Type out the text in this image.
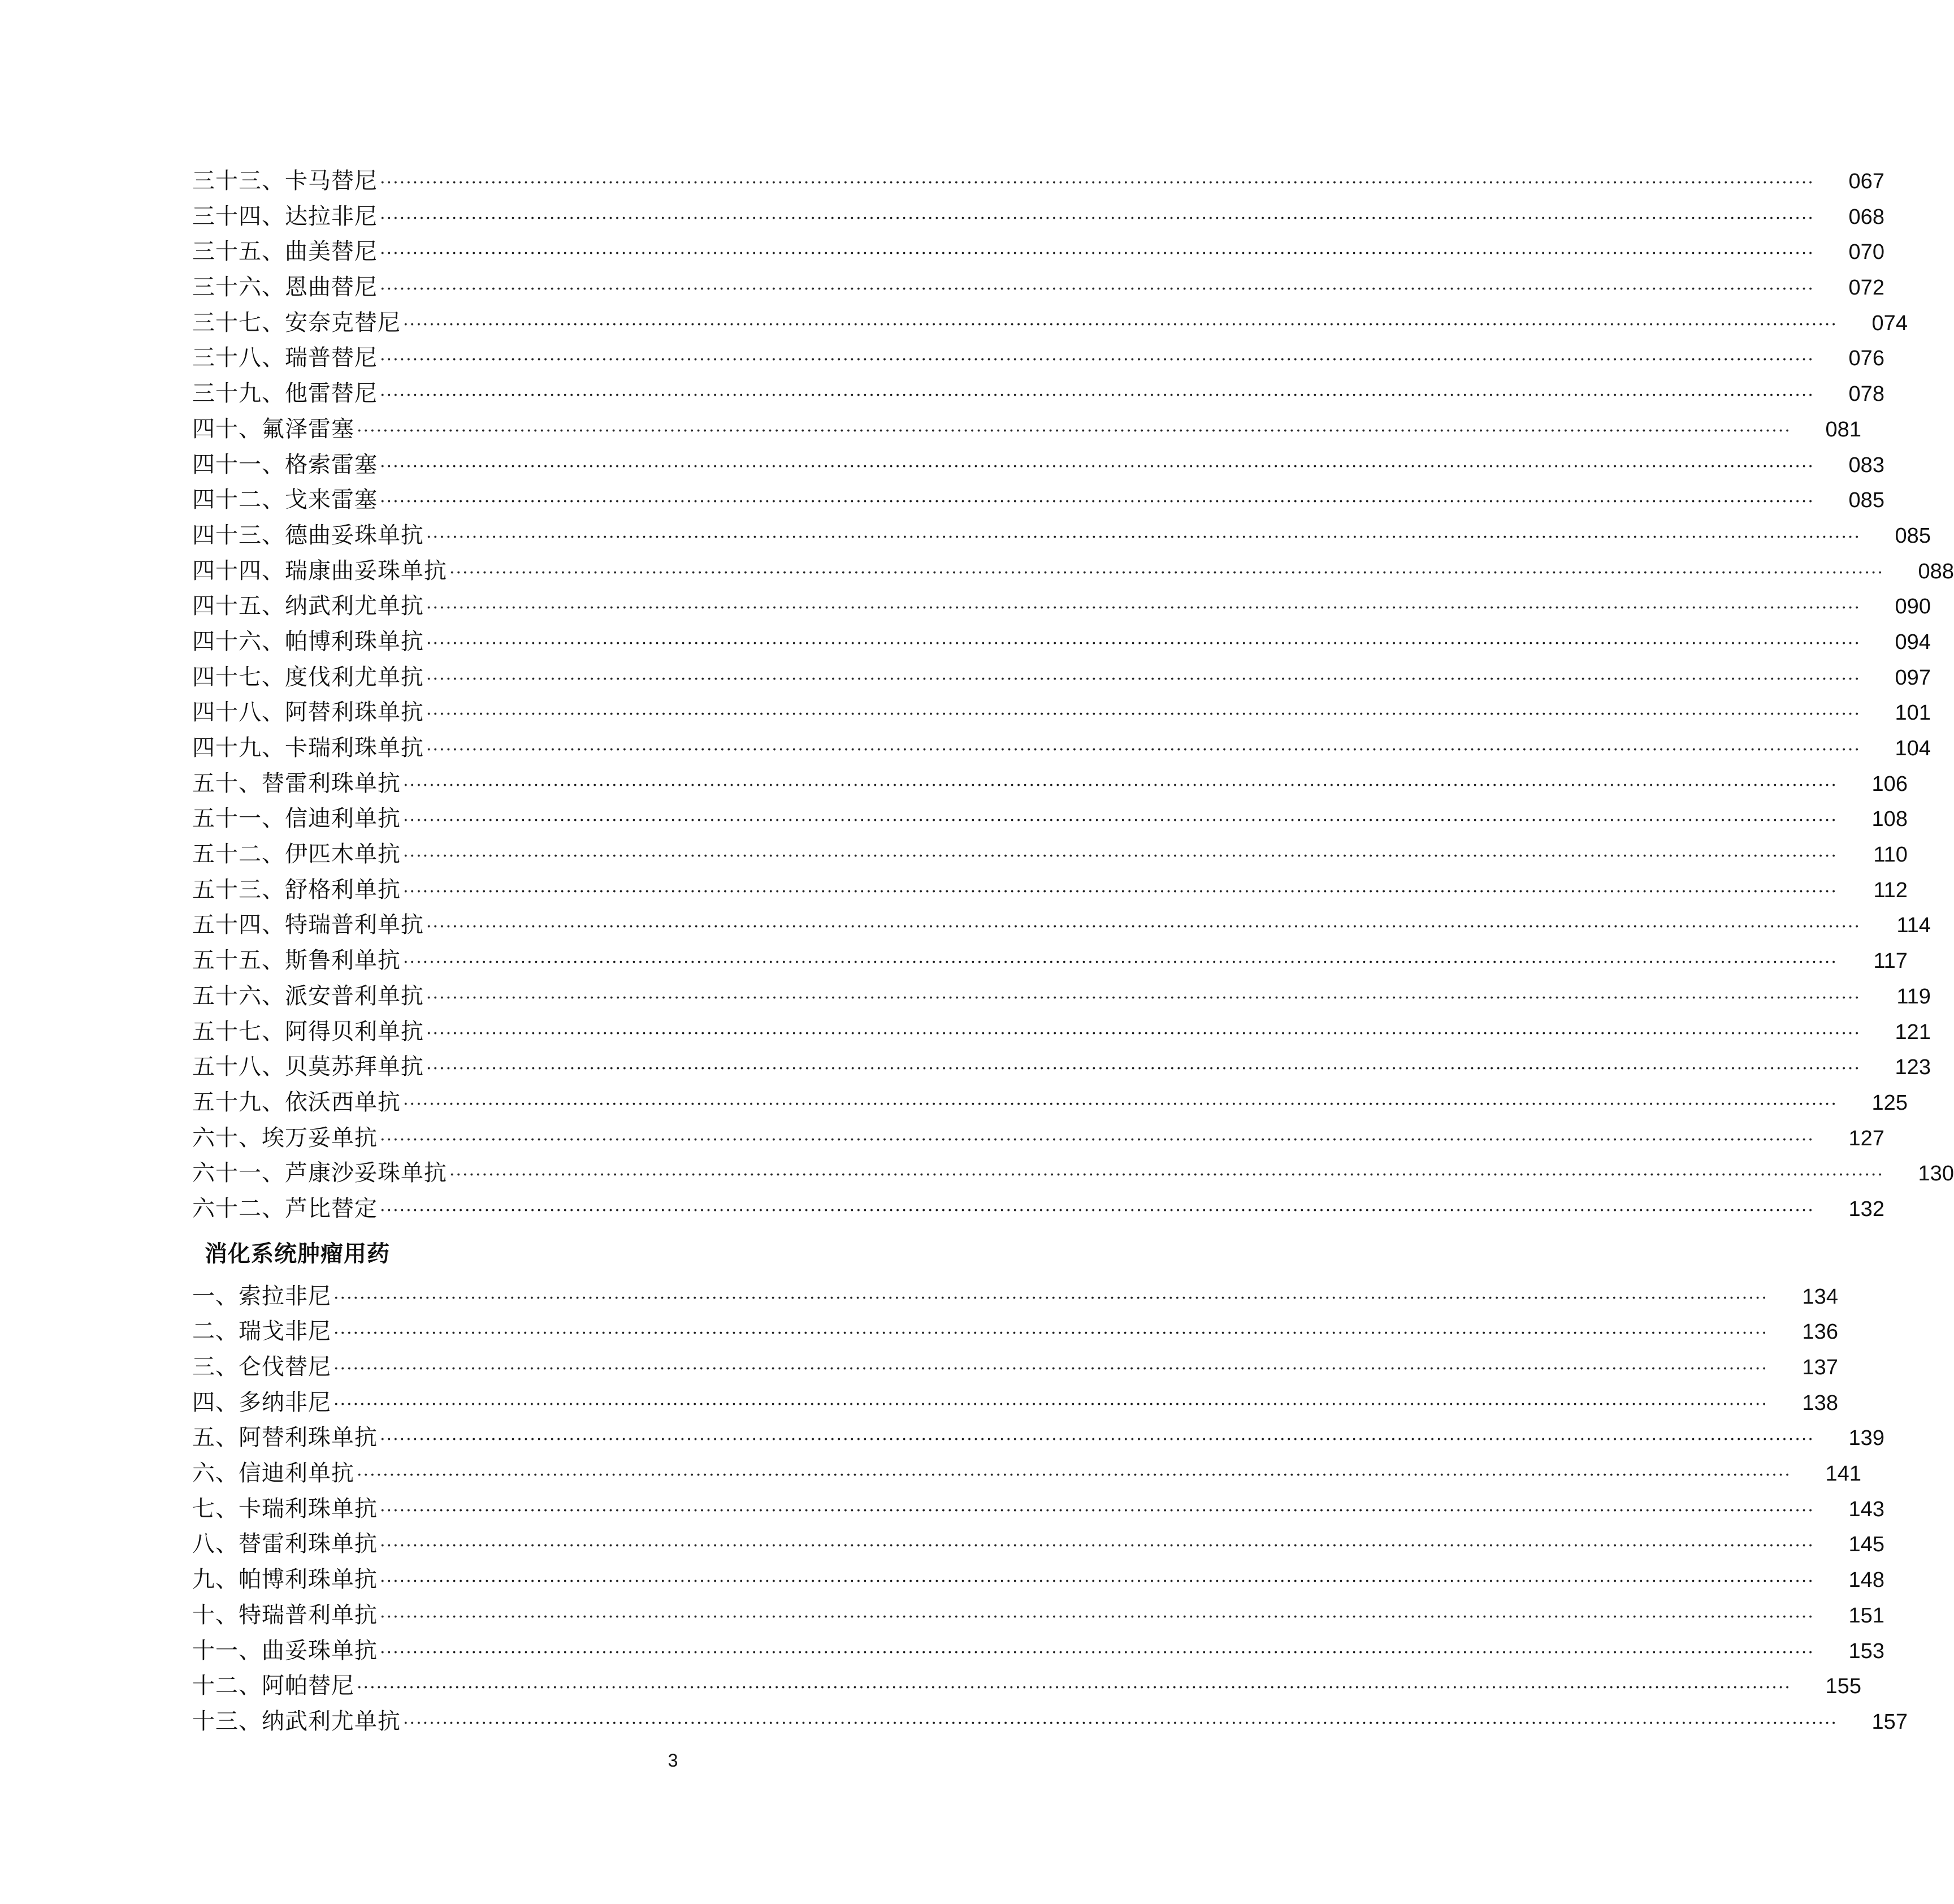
三十三、卡马替尼 ····························································································································································································································	067
三十四、达拉非尼 ····························································································································································································································	068
三十五、曲美替尼 ····························································································································································································································	070
三十六、恩曲替尼 ····························································································································································································································	072
三十七、安奈克替尼 ····························································································································································································································	074
三十八、瑞普替尼 ····························································································································································································································	076
三十九、他雷替尼 ····························································································································································································································	078
四十、氟泽雷塞 ····························································································································································································································	081
四十一、格索雷塞 ····························································································································································································································	083
四十二、戈来雷塞 ····························································································································································································································	085
四十三、德曲妥珠单抗 ····························································································································································································································	085
四十四、瑞康曲妥珠单抗 ····························································································································································································································	088
四十五、纳武利尤单抗 ····························································································································································································································	090
四十六、帕博利珠单抗 ····························································································································································································································	094
四十七、度伐利尤单抗 ····························································································································································································································	097
四十八、阿替利珠单抗 ····························································································································································································································	101
四十九、卡瑞利珠单抗 ····························································································································································································································	104
五十、替雷利珠单抗 ····························································································································································································································	106
五十一、信迪利单抗 ····························································································································································································································	108
五十二、伊匹木单抗 ····························································································································································································································	110
五十三、舒格利单抗 ····························································································································································································································	112
五十四、特瑞普利单抗 ····························································································································································································································	114
五十五、斯鲁利单抗 ····························································································································································································································	117
五十六、派安普利单抗 ····························································································································································································································	119
五十七、阿得贝利单抗 ····························································································································································································································	121
五十八、贝莫苏拜单抗 ····························································································································································································································	123
五十九、依沃西单抗 ····························································································································································································································	125
六十、埃万妥单抗 ····························································································································································································································	127
六十一、芦康沙妥珠单抗 ····························································································································································································································	130
六十二、芦比替定 ····························································································································································································································	132
消化系统肿瘤用药
一、索拉非尼 ····························································································································································································································	134
二、瑞戈非尼 ····························································································································································································································	136
三、仑伐替尼 ····························································································································································································································	137
四、多纳非尼 ····························································································································································································································	138
五、阿替利珠单抗 ····························································································································································································································	139
六、信迪利单抗 ····························································································································································································································	141
七、卡瑞利珠单抗 ····························································································································································································································	143
八、替雷利珠单抗 ····························································································································································································································	145
九、帕博利珠单抗 ····························································································································································································································	148
十、特瑞普利单抗 ····························································································································································································································	151
十一、曲妥珠单抗 ····························································································································································································································	153
十二、阿帕替尼 ····························································································································································································································	155
十三、纳武利尤单抗 ····························································································································································································································	157
3
